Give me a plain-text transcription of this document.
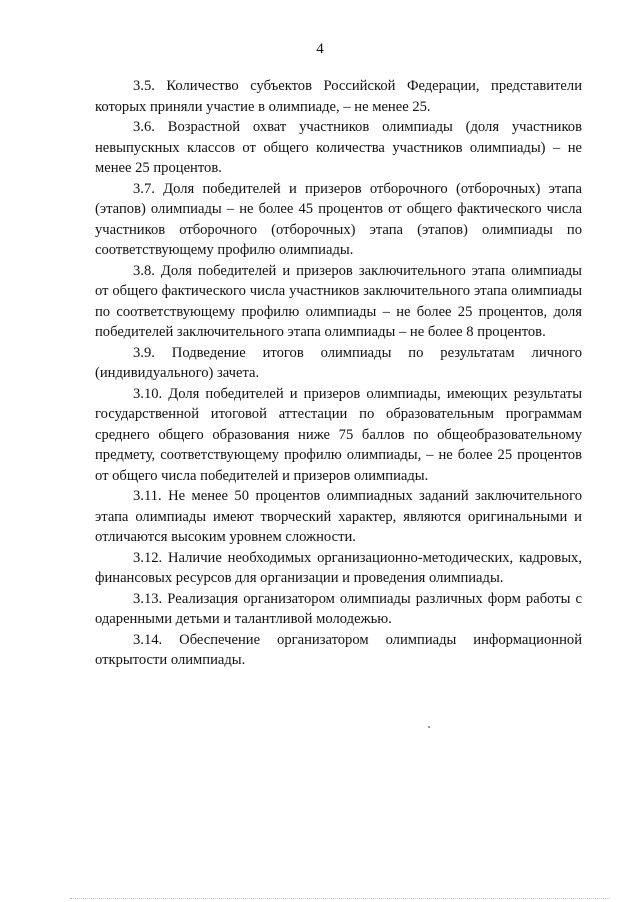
4

3.5. Количество субъектов Российской Федерации, представители которых приняли участие в олимпиаде, – не менее 25.

3.6. Возрастной охват участников олимпиады (доля участников невыпускных классов от общего количества участников олимпиады) – не менее 25 процентов.

3.7. Доля победителей и призеров отборочного (отборочных) этапа (этапов) олимпиады – не более 45 процентов от общего фактического числа участников отборочного (отборочных) этапа (этапов) олимпиады по соответствующему профилю олимпиады.

3.8. Доля победителей и призеров заключительного этапа олимпиады от общего фактического числа участников заключительного этапа олимпиады по соответствующему профилю олимпиады – не более 25 процентов, доля победителей заключительного этапа олимпиады – не более 8 процентов.

3.9. Подведение итогов олимпиады по результатам личного (индивидуального) зачета.

3.10. Доля победителей и призеров олимпиады, имеющих результаты государственной итоговой аттестации по образовательным программам среднего общего образования ниже 75 баллов по общеобразовательному предмету, соответствующему профилю олимпиады, – не более 25 процентов от общего числа победителей и призеров олимпиады.

3.11. Не менее 50 процентов олимпиадных заданий заключительного этапа олимпиады имеют творческий характер, являются оригинальными и отличаются высоким уровнем сложности.

3.12. Наличие необходимых организационно-методических, кадровых, финансовых ресурсов для организации и проведения олимпиады.

3.13. Реализация организатором олимпиады различных форм работы с одаренными детьми и талантливой молодежью.

3.14. Обеспечение организатором олимпиады информационной открытости олимпиады.
